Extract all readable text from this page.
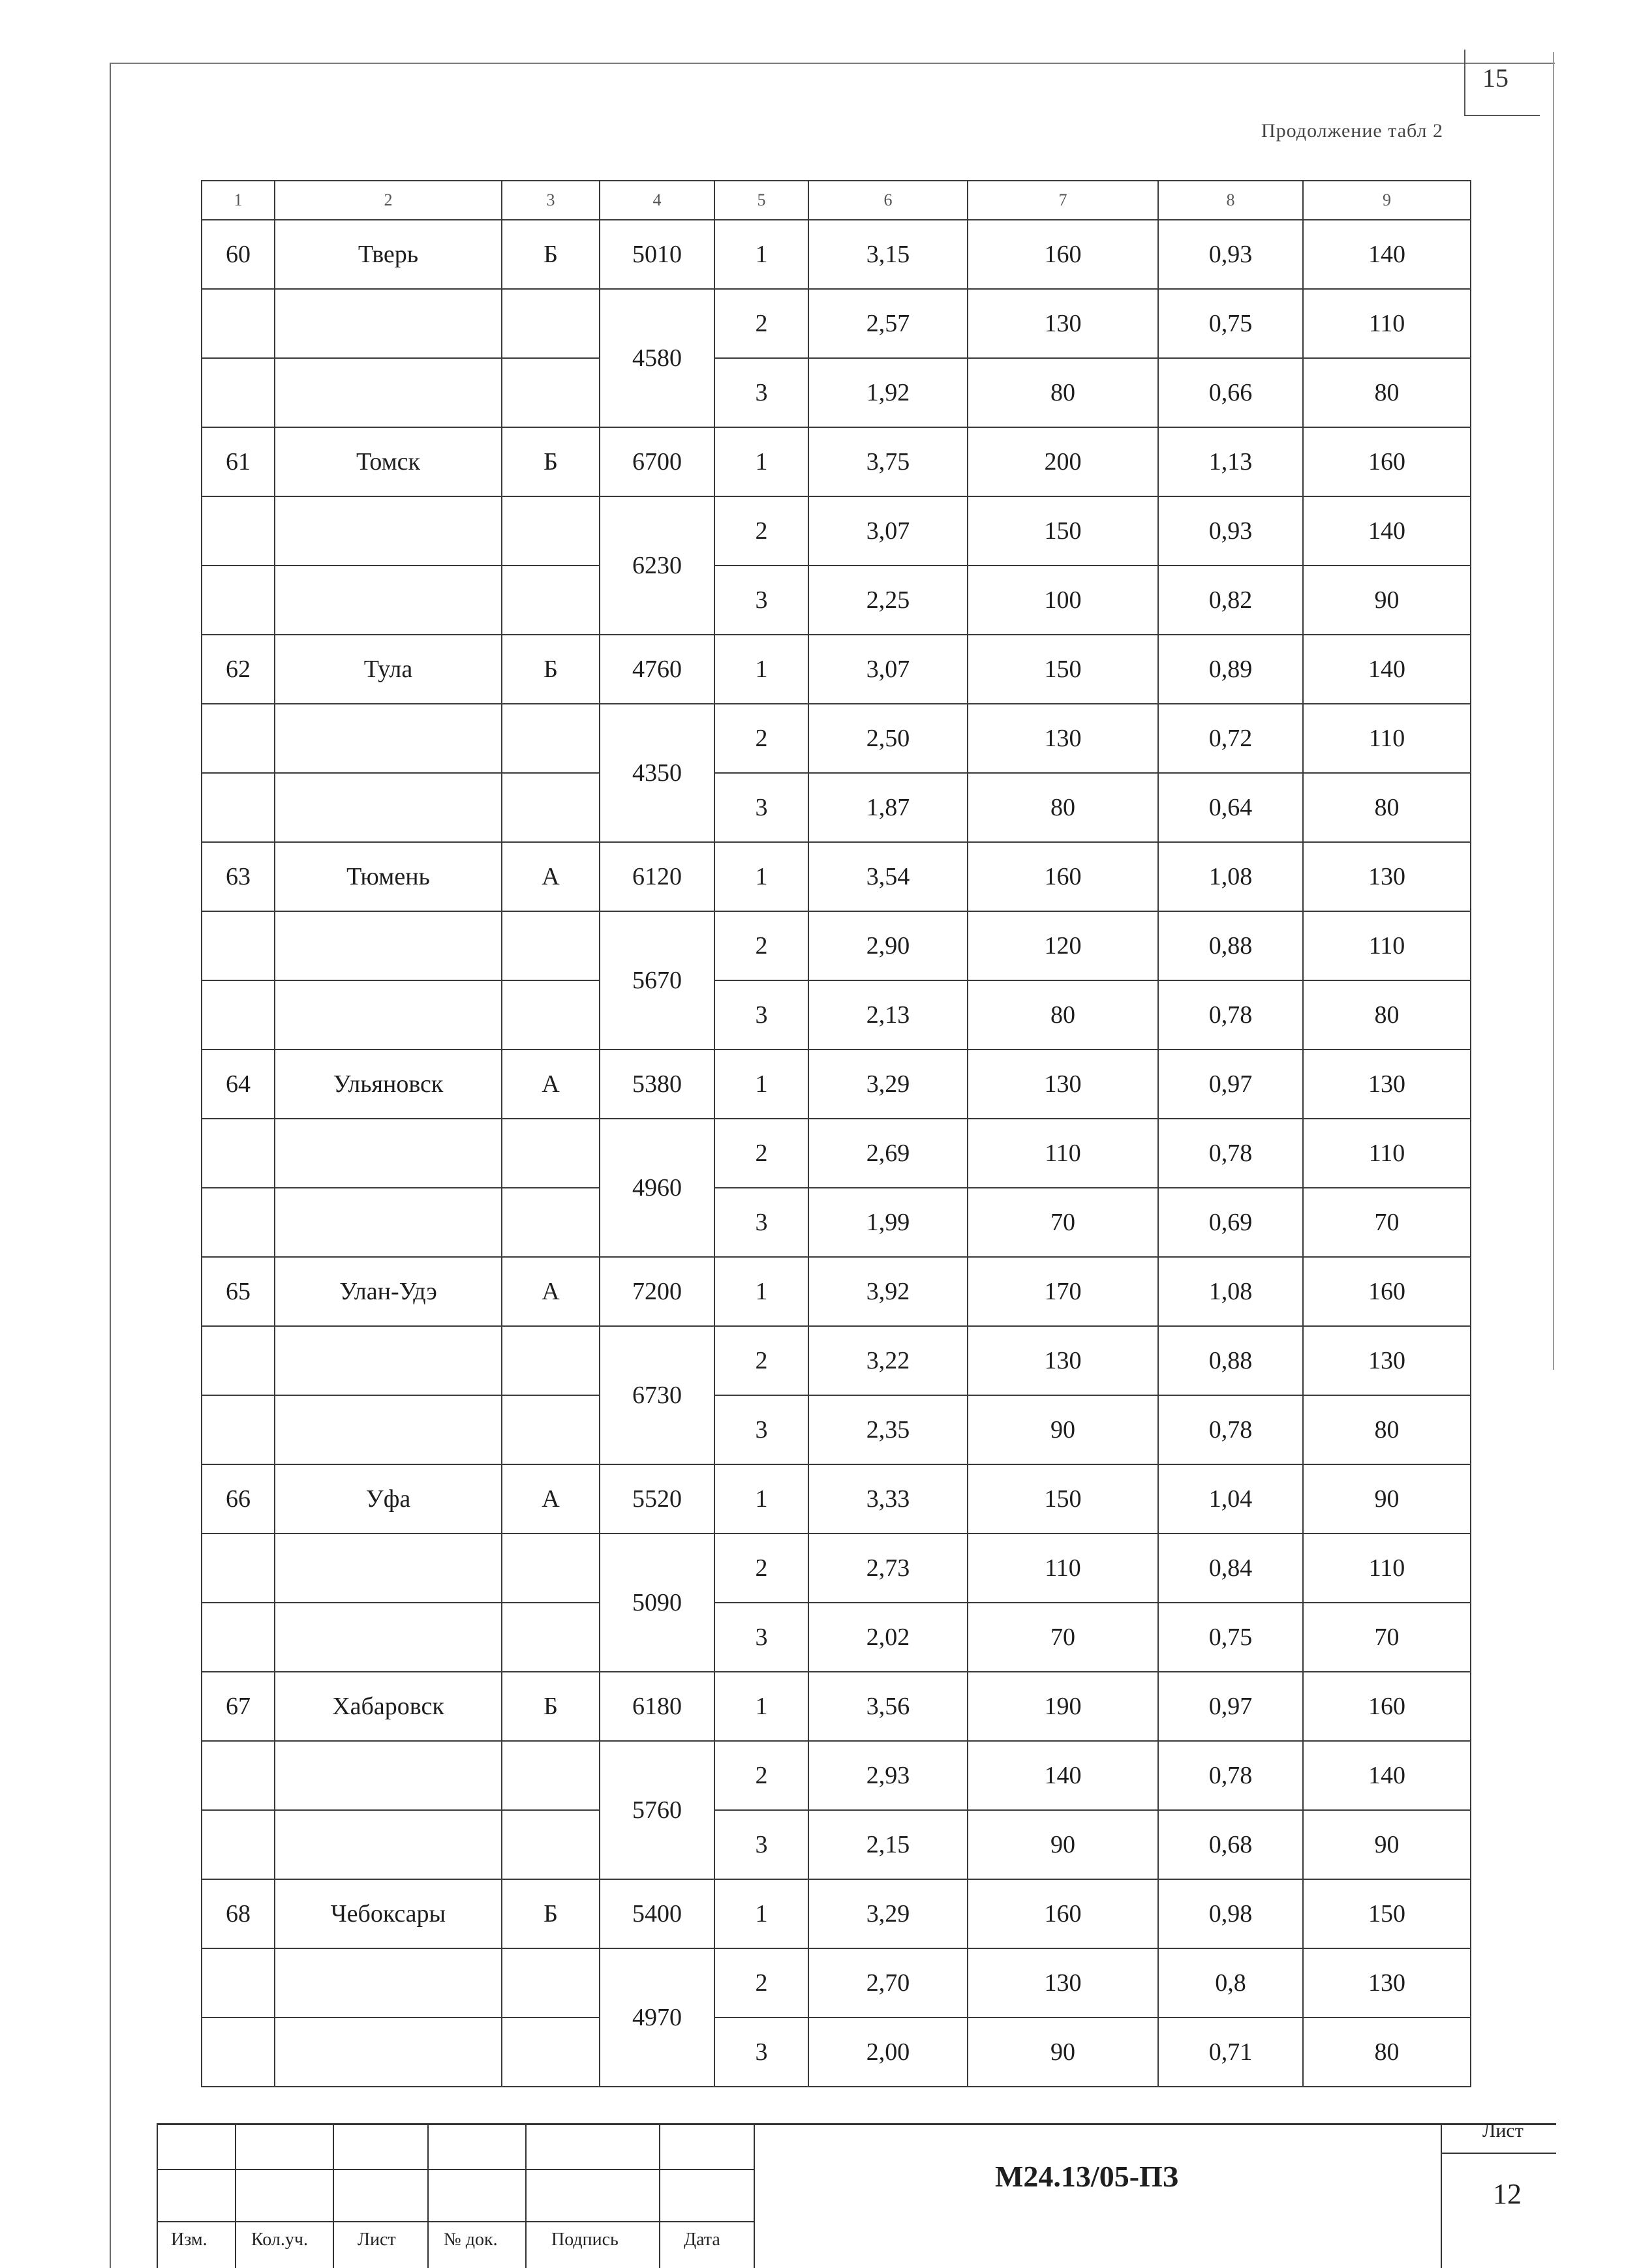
15
Продолжение табл 2
1	2	3	4	5	6	7	8	9
60	Тверь	Б	5010	1	3,15	160	0,93	140
			4580	2	2,57	130	0,75	110
				3	1,92	80	0,66	80
61	Томск	Б	6700	1	3,75	200	1,13	160
			6230	2	3,07	150	0,93	140
				3	2,25	100	0,82	90
62	Тула	Б	4760	1	3,07	150	0,89	140
			4350	2	2,50	130	0,72	110
				3	1,87	80	0,64	80
63	Тюмень	А	6120	1	3,54	160	1,08	130
			5670	2	2,90	120	0,88	110
				3	2,13	80	0,78	80
64	Ульяновск	А	5380	1	3,29	130	0,97	130
			4960	2	2,69	110	0,78	110
				3	1,99	70	0,69	70
65	Улан-Удэ	А	7200	1	3,92	170	1,08	160
			6730	2	3,22	130	0,88	130
				3	2,35	90	0,78	80
66	Уфа	А	5520	1	3,33	150	1,04	90
			5090	2	2,73	110	0,84	110
				3	2,02	70	0,75	70
67	Хабаровск	Б	6180	1	3,56	190	0,97	160
			5760	2	2,93	140	0,78	140
				3	2,15	90	0,68	90
68	Чебоксары	Б	5400	1	3,29	160	0,98	150
			4970	2	2,70	130	0,8	130
				3	2,00	90	0,71	80
Изм. Кол.уч.	Лист	№ док.	Подпись	Дата
М24.13/05-ПЗ
Лист
12
